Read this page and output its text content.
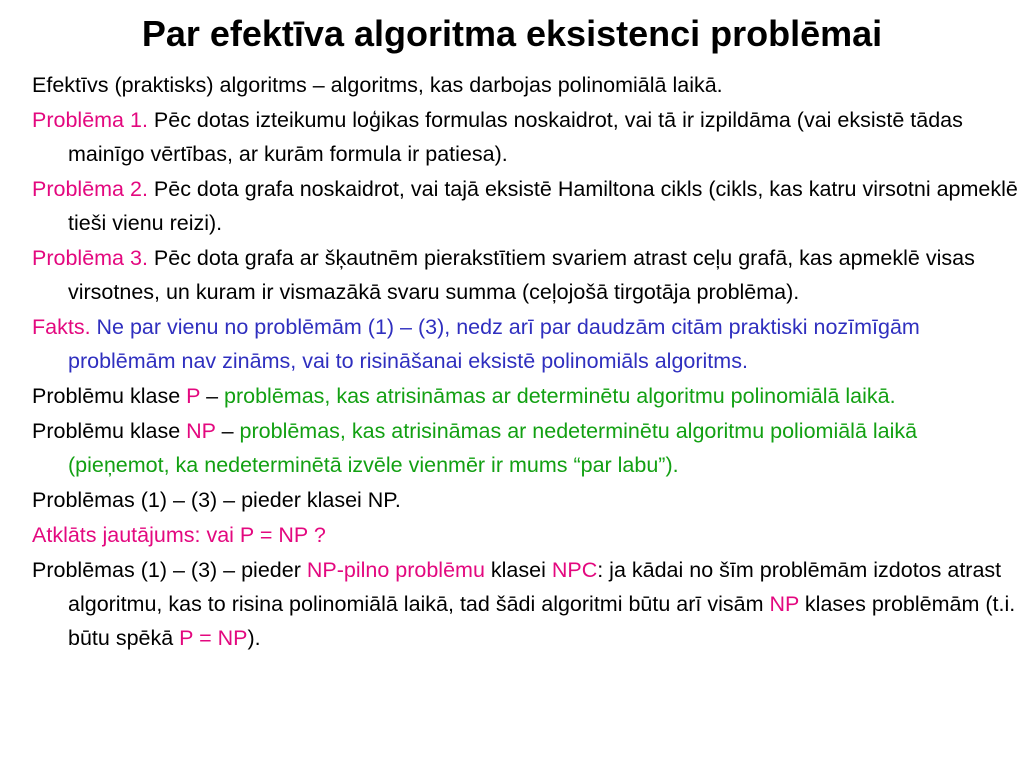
Par efektīva algoritma eksistenci problēmai

Efektīvs (praktisks) algoritms – algoritms, kas darbojas polinomiālā laikā.

Problēma 1. Pēc dotas izteikumu loģikas formulas noskaidrot, vai tā ir izpildāma (vai eksistē tādas mainīgo vērtības, ar kurām formula ir patiesa).

Problēma 2. Pēc dota grafa noskaidrot, vai tajā eksistē Hamiltona cikls (cikls, kas katru virsotni apmeklē tieši vienu reizi).

Problēma 3. Pēc dota grafa ar šķautnēm pierakstītiem svariem atrast ceļu grafā, kas apmeklē visas virsotnes, un kuram ir vismazākā svaru summa (ceļojošā tirgotāja problēma).

Fakts. Ne par vienu no problēmām (1) – (3), nedz arī par daudzām citām praktiski nozīmīgām problēmām nav zināms, vai to risināšanai eksistē polinomiāls algoritms.

Problēmu klase P – problēmas, kas atrisināmas ar determinētu algoritmu polinomiālā laikā.

Problēmu klase NP – problēmas, kas atrisināmas ar nedeterminētu algoritmu poliomiālā laikā (pieņemot, ka nedeterminētā izvēle vienmēr ir mums “par labu”).

Problēmas (1) – (3) – pieder klasei NP.

Atklāts jautājums: vai P = NP ?

Problēmas (1) – (3) – pieder NP-pilno problēmu klasei NPC: ja kādai no šīm problēmām izdotos atrast algoritmu, kas to risina polinomiālā laikā, tad šādi algoritmi būtu arī visām NP klases problēmām (t.i. būtu spēkā P = NP).
